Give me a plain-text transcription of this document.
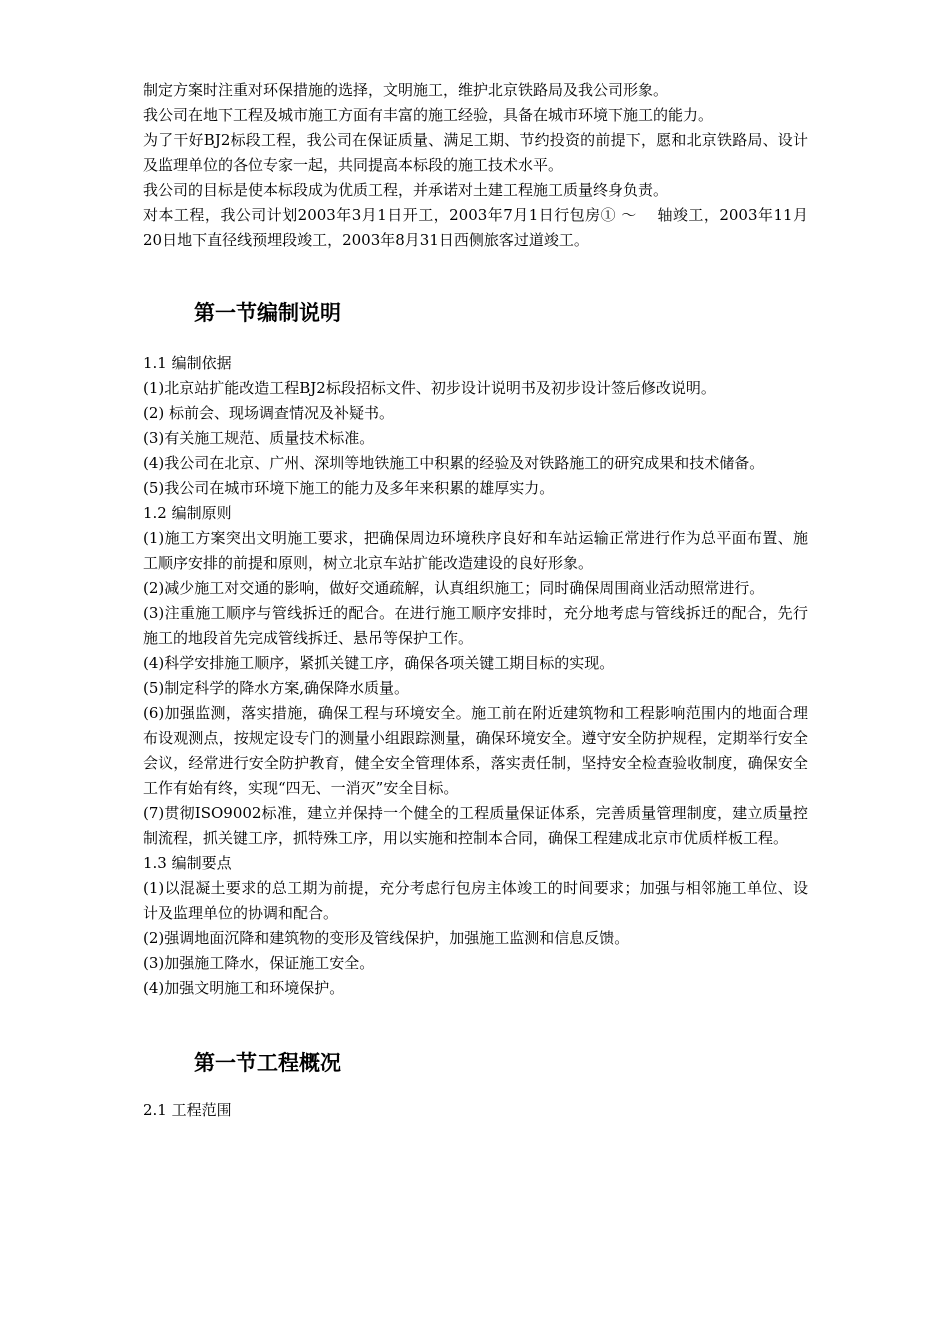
制定方案时注重对环保措施的选择，文明施工，维护北京铁路局及我公司形象。

我公司在地下工程及城市施工方面有丰富的施工经验，具备在城市环境下施工的能力。

为了干好BJ2标段工程，我公司在保证质量、满足工期、节约投资的前提下，愿和北京铁路局、设计及监理单位的各位专家一起，共同提高本标段的施工技术水平。

我公司的目标是使本标段成为优质工程，并承诺对土建工程施工质量终身负责。

对本工程，我公司计划2003年3月1日开工，2003年7月1日行包房① ～　 轴竣工，2003年11月20日地下直径线预埋段竣工，2003年8月31日西侧旅客过道竣工。

第一节编制说明

1.1 编制依据

(1)北京站扩能改造工程BJ2标段招标文件、初步设计说明书及初步设计签后修改说明。

(2) 标前会、现场调查情况及补疑书。

(3)有关施工规范、质量技术标准。

(4)我公司在北京、广州、深圳等地铁施工中积累的经验及对铁路施工的研究成果和技术储备。

(5)我公司在城市环境下施工的能力及多年来积累的雄厚实力。

1.2 编制原则

(1)施工方案突出文明施工要求，把确保周边环境秩序良好和车站运输正常进行作为总平面布置、施工顺序安排的前提和原则，树立北京车站扩能改造建设的良好形象。

(2)减少施工对交通的影响，做好交通疏解，认真组织施工；同时确保周围商业活动照常进行。

(3)注重施工顺序与管线拆迁的配合。在进行施工顺序安排时，充分地考虑与管线拆迁的配合，先行施工的地段首先完成管线拆迁、悬吊等保护工作。

(4)科学安排施工顺序，紧抓关键工序，确保各项关键工期目标的实现。

(5)制定科学的降水方案,确保降水质量。

(6)加强监测，落实措施，确保工程与环境安全。施工前在附近建筑物和工程影响范围内的地面合理布设观测点，按规定设专门的测量小组跟踪测量，确保环境安全。遵守安全防护规程，定期举行安全会议，经常进行安全防护教育，健全安全管理体系，落实责任制，坚持安全检查验收制度，确保安全工作有始有终，实现“四无、一消灭”安全目标。

(7)贯彻ISO9002标准，建立并保持一个健全的工程质量保证体系，完善质量管理制度，建立质量控制流程，抓关键工序，抓特殊工序，用以实施和控制本合同，确保工程建成北京市优质样板工程。

1.3 编制要点

(1)以混凝土要求的总工期为前提，充分考虑行包房主体竣工的时间要求；加强与相邻施工单位、设计及监理单位的协调和配合。

(2)强调地面沉降和建筑物的变形及管线保护，加强施工监测和信息反馈。

(3)加强施工降水，保证施工安全。

(4)加强文明施工和环境保护。

第一节工程概况

2.1 工程范围
